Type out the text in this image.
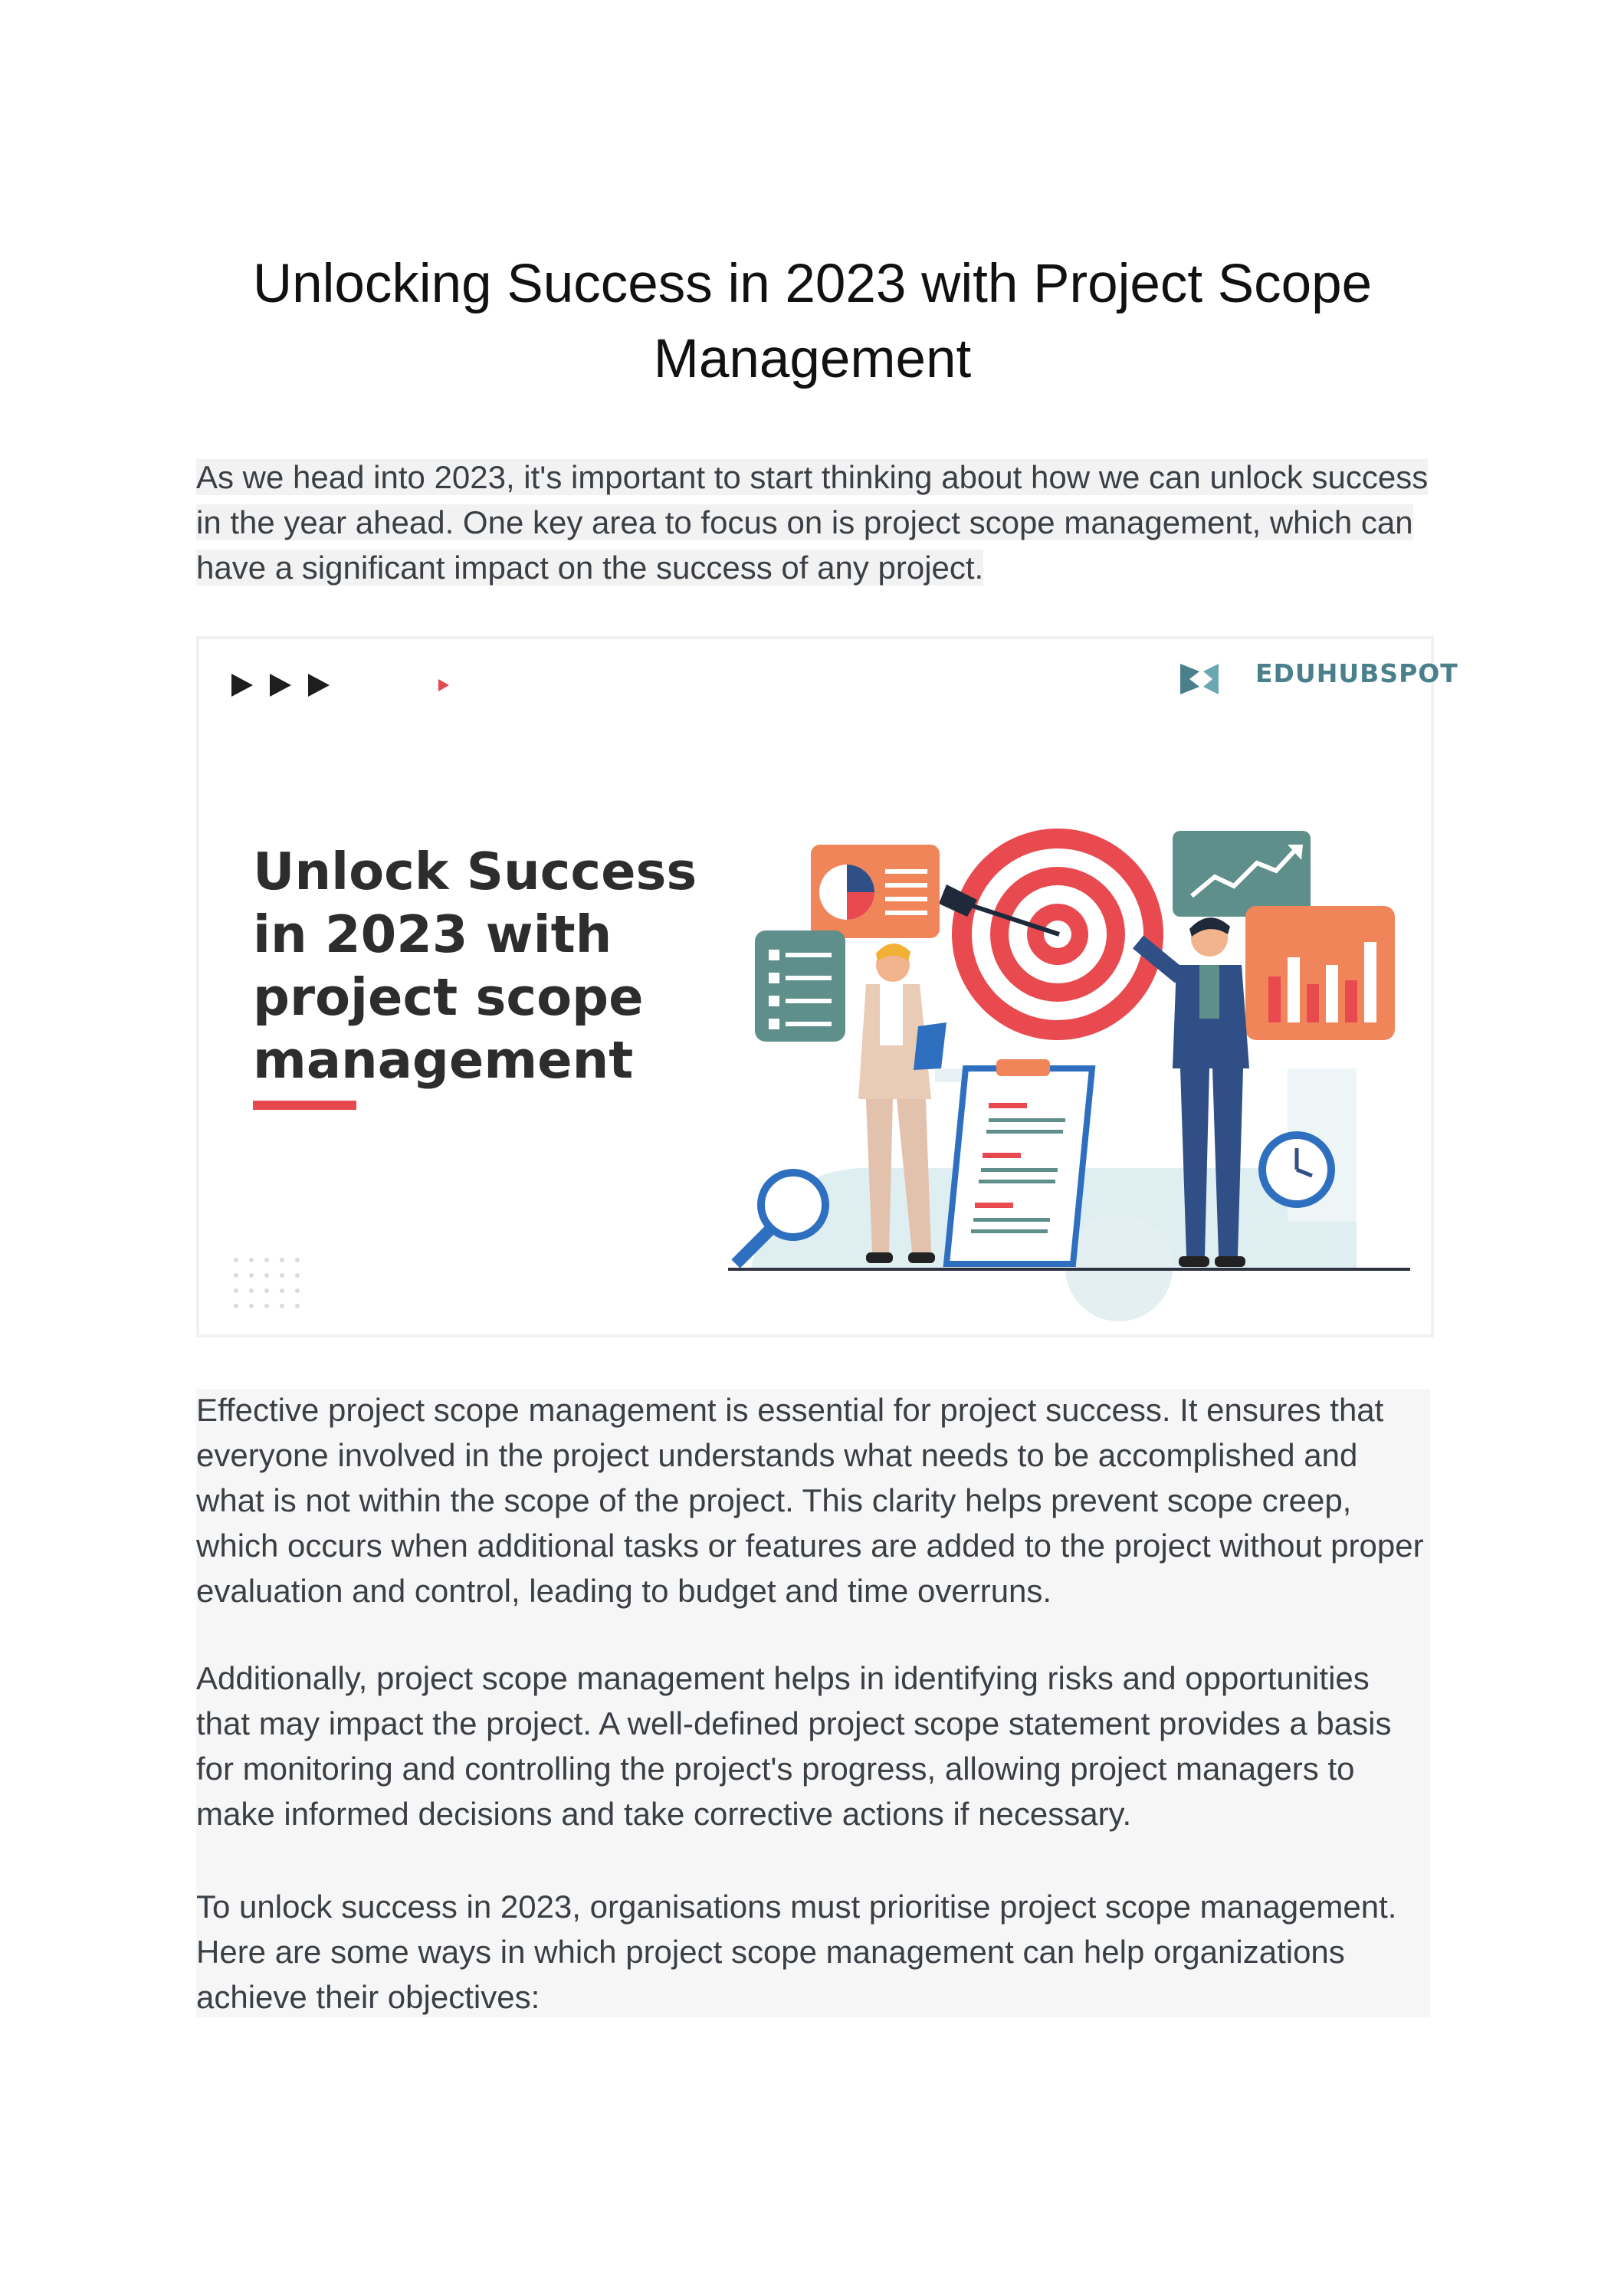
Unlocking Success in 2023 with Project Scope Management

As we head into 2023, it's important to start thinking about how we can unlock success in the year ahead. One key area to focus on is project scope management, which can have a significant impact on the success of any project.

EDUHUBSPOT
Unlock Success
in 2023 with
project scope
management

Effective project scope management is essential for project success. It ensures that everyone involved in the project understands what needs to be accomplished and what is not within the scope of the project. This clarity helps prevent scope creep, which occurs when additional tasks or features are added to the project without proper evaluation and control, leading to budget and time overruns.

Additionally, project scope management helps in identifying risks and opportunities that may impact the project. A well-defined project scope statement provides a basis for monitoring and controlling the project's progress, allowing project managers to make informed decisions and take corrective actions if necessary.

To unlock success in 2023, organisations must prioritise project scope management. Here are some ways in which project scope management can help organizations achieve their objectives:
